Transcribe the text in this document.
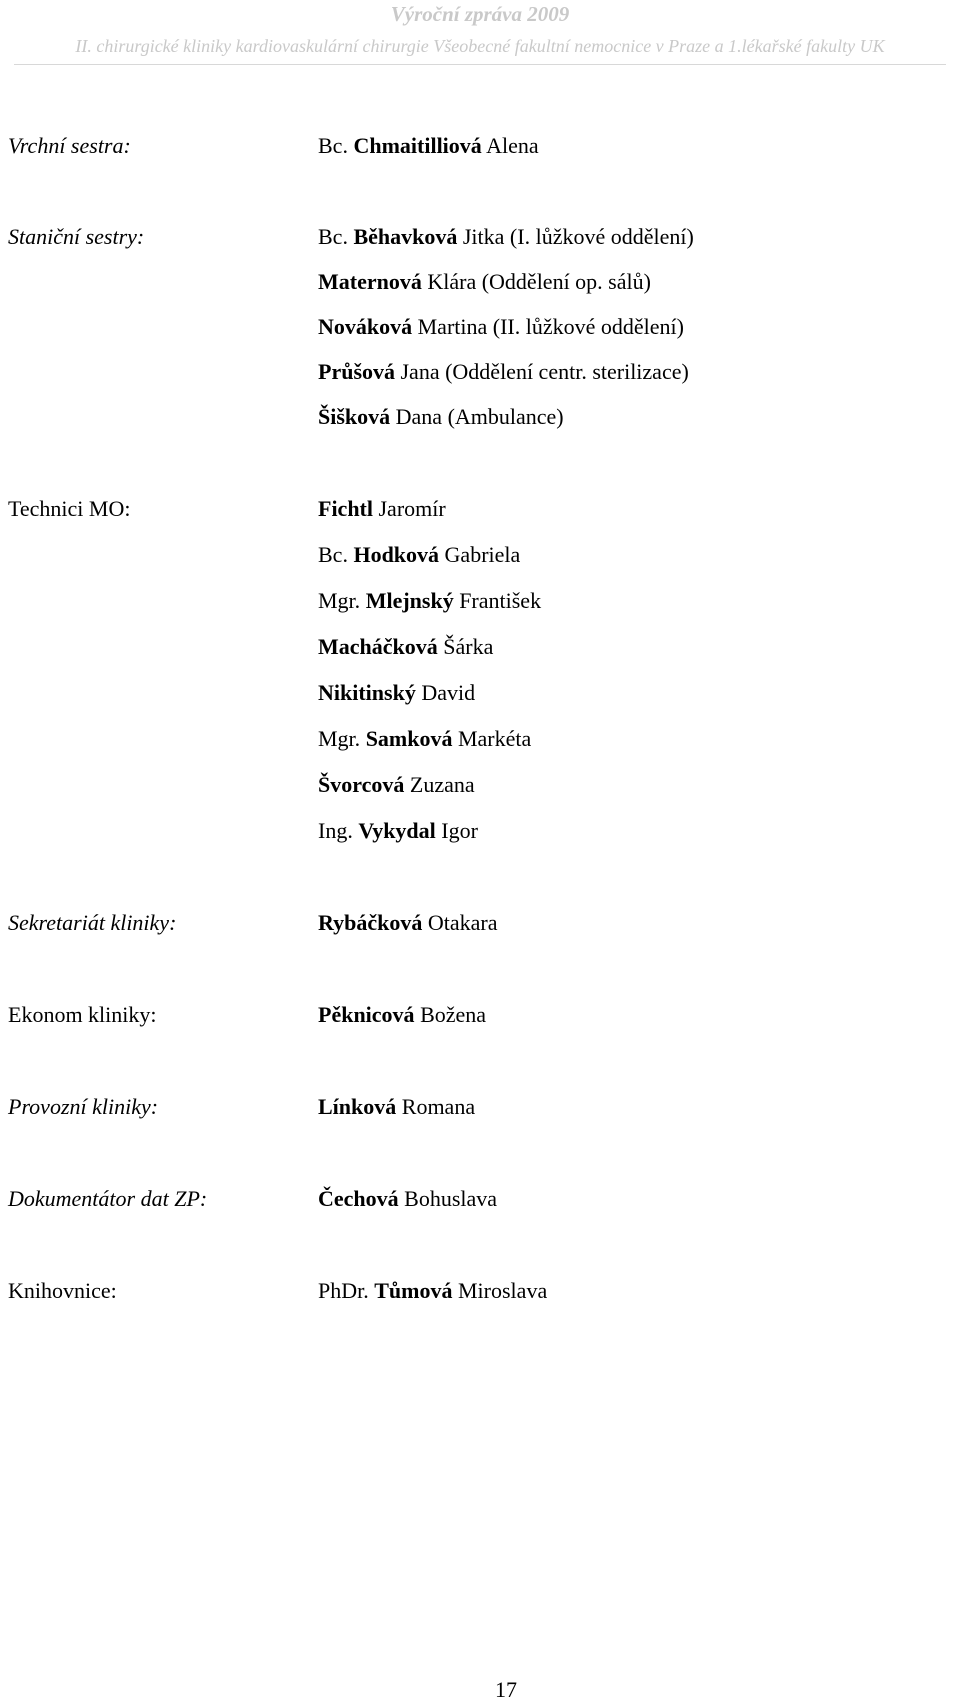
Výroční zpráva 2009
II. chirurgické kliniky kardiovaskulární chirurgie Všeobecné fakultní nemocnice v Praze a 1.lékařské fakulty UK
Vrchní sestra:	Bc. Chmaitilliová Alena
Staniční sestry:	Bc. Běhavková Jitka (I. lůžkové oddělení)
Maternová Klára (Oddělení op. sálů)
Nováková Martina (II. lůžkové oddělení)
Průšová Jana (Oddělení centr. sterilizace)
Šišková Dana (Ambulance)
Technici MO:	Fichtl Jaromír
Bc. Hodková Gabriela
Mgr. Mlejnský František
Macháčková Šárka
Nikitinský David
Mgr. Samková Markéta
Švorcová Zuzana
Ing. Vykydal Igor
Sekretariát kliniky:	Rybáčková Otakara
Ekonom kliniky:	Pěknicová Božena
Provozní kliniky:	Línková Romana
Dokumentátor dat ZP:	Čechová Bohuslava
Knihovnice:	PhDr. Tůmová Miroslava
17
